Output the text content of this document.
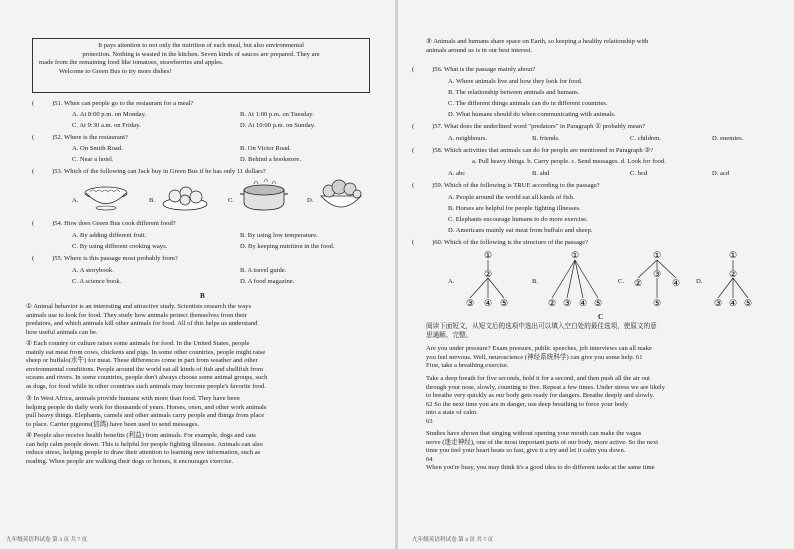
It pays attention to not only the nutrition of each meal, but also environmental
protection. Nothing is wasted in the kitchen. Seven kinds of sauces are prepared. They are
made from the remaining food like tomatoes, strawberries and apples.
Welcome to Green Bus to try more dishes!
(	)51. When can people go to the restaurant for a meal?
A. At 8:00 p.m. on Monday.	B. At 1:00 p.m. on Tuesday.
C. At 9:30 a.m. on Friday.	D. At 10:00 p.m. on Sunday.
(	)52. Where is the restaurant?
A. On Smith Road.	B. On Victor Road.
C. Near a hotel.	D. Behind a bookstore.
(	)53. Which of the following can Jack buy in Green Bus if he has only 11 dollars?
A.	B.	C.	D.
(	)54. How does Green Bus cook different food?
A. By adding different fruit.	B. By using low temperature.
C. By using different cooking ways.	D. By keeping nutrition in the food.
(	)55. Where is this passage most probably from?
A. A storybook.	B. A travel guide.
C. A science book.	D. A food magazine.
B
① Animal behavior is an interesting and attractive study. Scientists research the ways
animals use to look for food. They study how animals protect themselves from their
predators, and which animals kill other animals for food. All of this helps us understand
how useful animals can be.
② Each country or culture raises some animals for food. In the United States, people
mainly eat meat from cows, chickens and pigs. In some other countries, people might raise
sheep or buffalo(水牛) for meat. These differences come in part from weather and other
environmental conditions. People around the world eat all kinds of fish and shellfish from
oceans and rivers. In some countries, people don't always choose some animal groups, such
as dogs, for food while in other countries such animals may become people's favorite food.
③ In West Africa, animals provide humans with more than food. They have been
helping people do daily work for thousands of years. Horses, oxen, and other work animals
pull heavy things. Elephants, camels and other animals carry people and things from place
to place. Carrier pigeons(信鸽) have been used to send messages.
④ People also receive health benefits (利益) from animals. For example, dogs and cats
can help calm people down. This is helpful for people fighting illnesses. Animals can also
reduce stress, helping people to draw their attention to learning new information, such as
reading. When people are walking their dogs or horses, it encourages exercise.
九年级英语科试卷 第 3 页 共 7 页
⑤ Animals and humans share space on Earth, so keeping a healthy relationship with
animals around us is in our best interest.
(	)56. What is the passage mainly about?
A. Where animals live and how they look for food.
B. The relationship between animals and humans.
C. The different things animals can do in different countries.
D. What humans should do when communicating with animals.
(	)57. What does the underlined word "predators" in Paragraph ① probably mean?
A. neighbours.	B. friends.	C. children.	D. enemies.
(	)58. Which activities that animals can do for people are mentioned in Paragraph ③?
a. Pull heavy things. b. Carry people. c. Send messages. d. Look for food.
A. abc	B. abd	C. bcd	D. acd
(	)59. Which of the following is TRUE according to the passage?
A. People around the world eat all kinds of fish.
B. Horses are helpful for people fighting illnesses.
C. Elephants encourage humans to do more exercise.
D. Americans mainly eat meat from buffalo and sheep.
(	)60. Which of the following is the structure of the passage?
A.	B.	C.	D.
①
②
③ ④ ⑤
①
② ③ ④ ⑤
①
②
③
④
⑤
①
②
③ ④ ⑤
C
阅读下面短文，从短文后的选项中选出可以填入空白处的最佳选项，使原文的意
思通顺、完整。
Are you under pressure? Exam pressure, public speeches, job interviews can all make
you feel nervous. Well, neuroscience (神经系统科学) can give you some help. 61
First, take a breathing exercise.
Take a deep breath for five seconds, hold it for a second, and then push all the air out
through your nose, slowly, counting to five. Repeat a few times. Under stress we are likely
to breathe very quickly as our body gets ready for dangers. Breathe deeply and slowly.
62 So the next time you are in danger, use deep breathing to force your body
into a state of calm.
63
Studies have shown that singing without opening your mouth can make the vagus
nerve (迷走神经), one of the most important parts of our body, more active. So the next
time you feel your heart beats so fast, give it a try and let it calm you down.
64
When you're busy, you may think it's a good idea to do different tasks at the same time
九年级英语科试卷 第 4 页 共 7 页
